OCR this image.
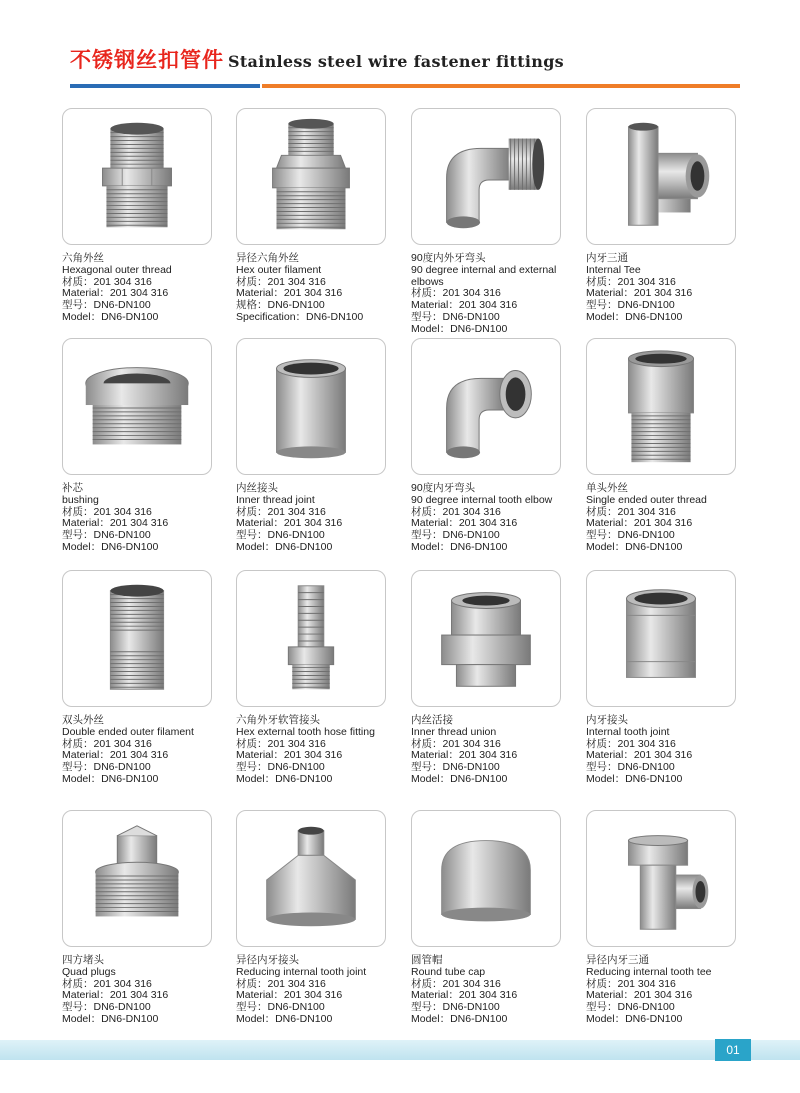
不锈钢丝扣管件 Stainless steel wire fastener fittings
六角外丝
Hexagonal outer thread
材质：201 304 316
Material：201 304 316
型号：DN6-DN100
Model：DN6-DN100
异径六角外丝
Hex outer filament
材质：201 304 316
Material：201 304 316
规格：DN6-DN100
Specification：DN6-DN100
90度内外牙弯头
90 degree internal and external
elbows
材质：201 304 316
Material：201 304 316
型号：DN6-DN100
Model：DN6-DN100
内牙三通
Internal Tee
材质：201 304 316
Material：201 304 316
型号：DN6-DN100
Model：DN6-DN100
补芯
bushing
材质：201 304 316
Material：201 304 316
型号：DN6-DN100
Model：DN6-DN100
内丝接头
Inner thread joint
材质：201 304 316
Material：201 304 316
型号：DN6-DN100
Model：DN6-DN100
90度内牙弯头
90 degree internal tooth elbow
材质：201 304 316
Material：201 304 316
型号：DN6-DN100
Model：DN6-DN100
单头外丝
Single ended outer thread
材质：201 304 316
Material：201 304 316
型号：DN6-DN100
Model：DN6-DN100
双头外丝
Double ended outer filament
材质：201 304 316
Material：201 304 316
型号：DN6-DN100
Model：DN6-DN100
六角外牙软管接头
Hex external tooth hose fitting
材质：201 304 316
Material：201 304 316
型号：DN6-DN100
Model：DN6-DN100
内丝活接
Inner thread union
材质：201 304 316
Material：201 304 316
型号：DN6-DN100
Model：DN6-DN100
内牙接头
Internal tooth joint
材质：201 304 316
Material：201 304 316
型号：DN6-DN100
Model：DN6-DN100
四方堵头
Quad plugs
材质：201 304 316
Material：201 304 316
型号：DN6-DN100
Model：DN6-DN100
异径内牙接头
Reducing internal tooth joint
材质：201 304 316
Material：201 304 316
型号：DN6-DN100
Model：DN6-DN100
圆管帽
Round tube cap
材质：201 304 316
Material：201 304 316
型号：DN6-DN100
Model：DN6-DN100
异径内牙三通
Reducing internal tooth tee
材质：201 304 316
Material：201 304 316
型号：DN6-DN100
Model：DN6-DN100
01
